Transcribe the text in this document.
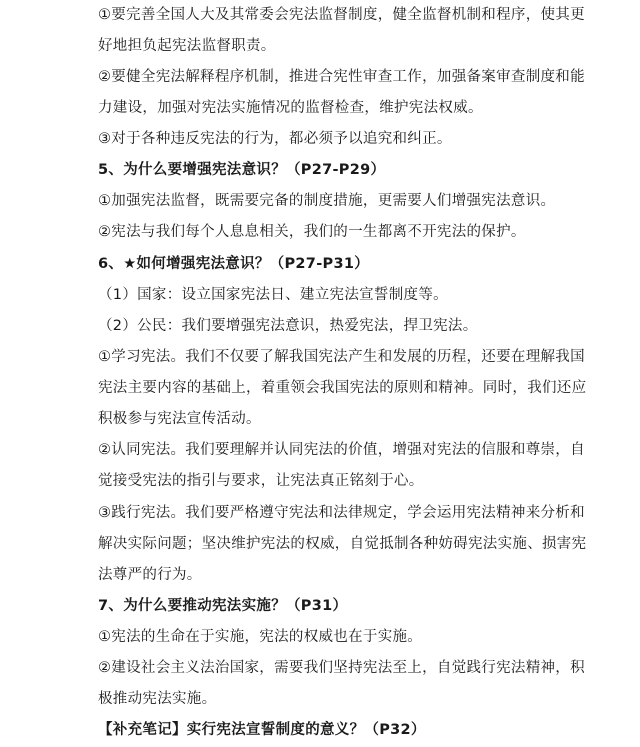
①要完善全国人大及其常委会宪法监督制度，健全监督机制和程序，使其更
好地担负起宪法监督职责。
②要健全宪法解释程序机制，推进合宪性审查工作，加强备案审查制度和能
力建设，加强对宪法实施情况的监督检查，维护宪法权威。
③对于各种违反宪法的行为，都必须予以追究和纠正。
5、为什么要增强宪法意识？（P27-P29）
①加强宪法监督，既需要完备的制度措施，更需要人们增强宪法意识。
②宪法与我们每个人息息相关，我们的一生都离不开宪法的保护。
6、★如何增强宪法意识？（P27-P31）
（1）国家：设立国家宪法日、建立宪法宣誓制度等。
（2）公民：我们要增强宪法意识，热爱宪法，捍卫宪法。
①学习宪法。我们不仅要了解我国宪法产生和发展的历程，还要在理解我国
宪法主要内容的基础上，着重领会我国宪法的原则和精神。同时，我们还应
积极参与宪法宣传活动。
②认同宪法。我们要理解并认同宪法的价值，增强对宪法的信服和尊崇，自
觉接受宪法的指引与要求，让宪法真正铭刻于心。
③践行宪法。我们要严格遵守宪法和法律规定，学会运用宪法精神来分析和
解决实际问题；坚决维护宪法的权威，自觉抵制各种妨碍宪法实施、损害宪
法尊严的行为。
7、为什么要推动宪法实施？（P31）
①宪法的生命在于实施，宪法的权威也在于实施。
②建设社会主义法治国家，需要我们坚持宪法至上，自觉践行宪法精神，积
极推动宪法实施。
【补充笔记】实行宪法宣誓制度的意义？（P32）
